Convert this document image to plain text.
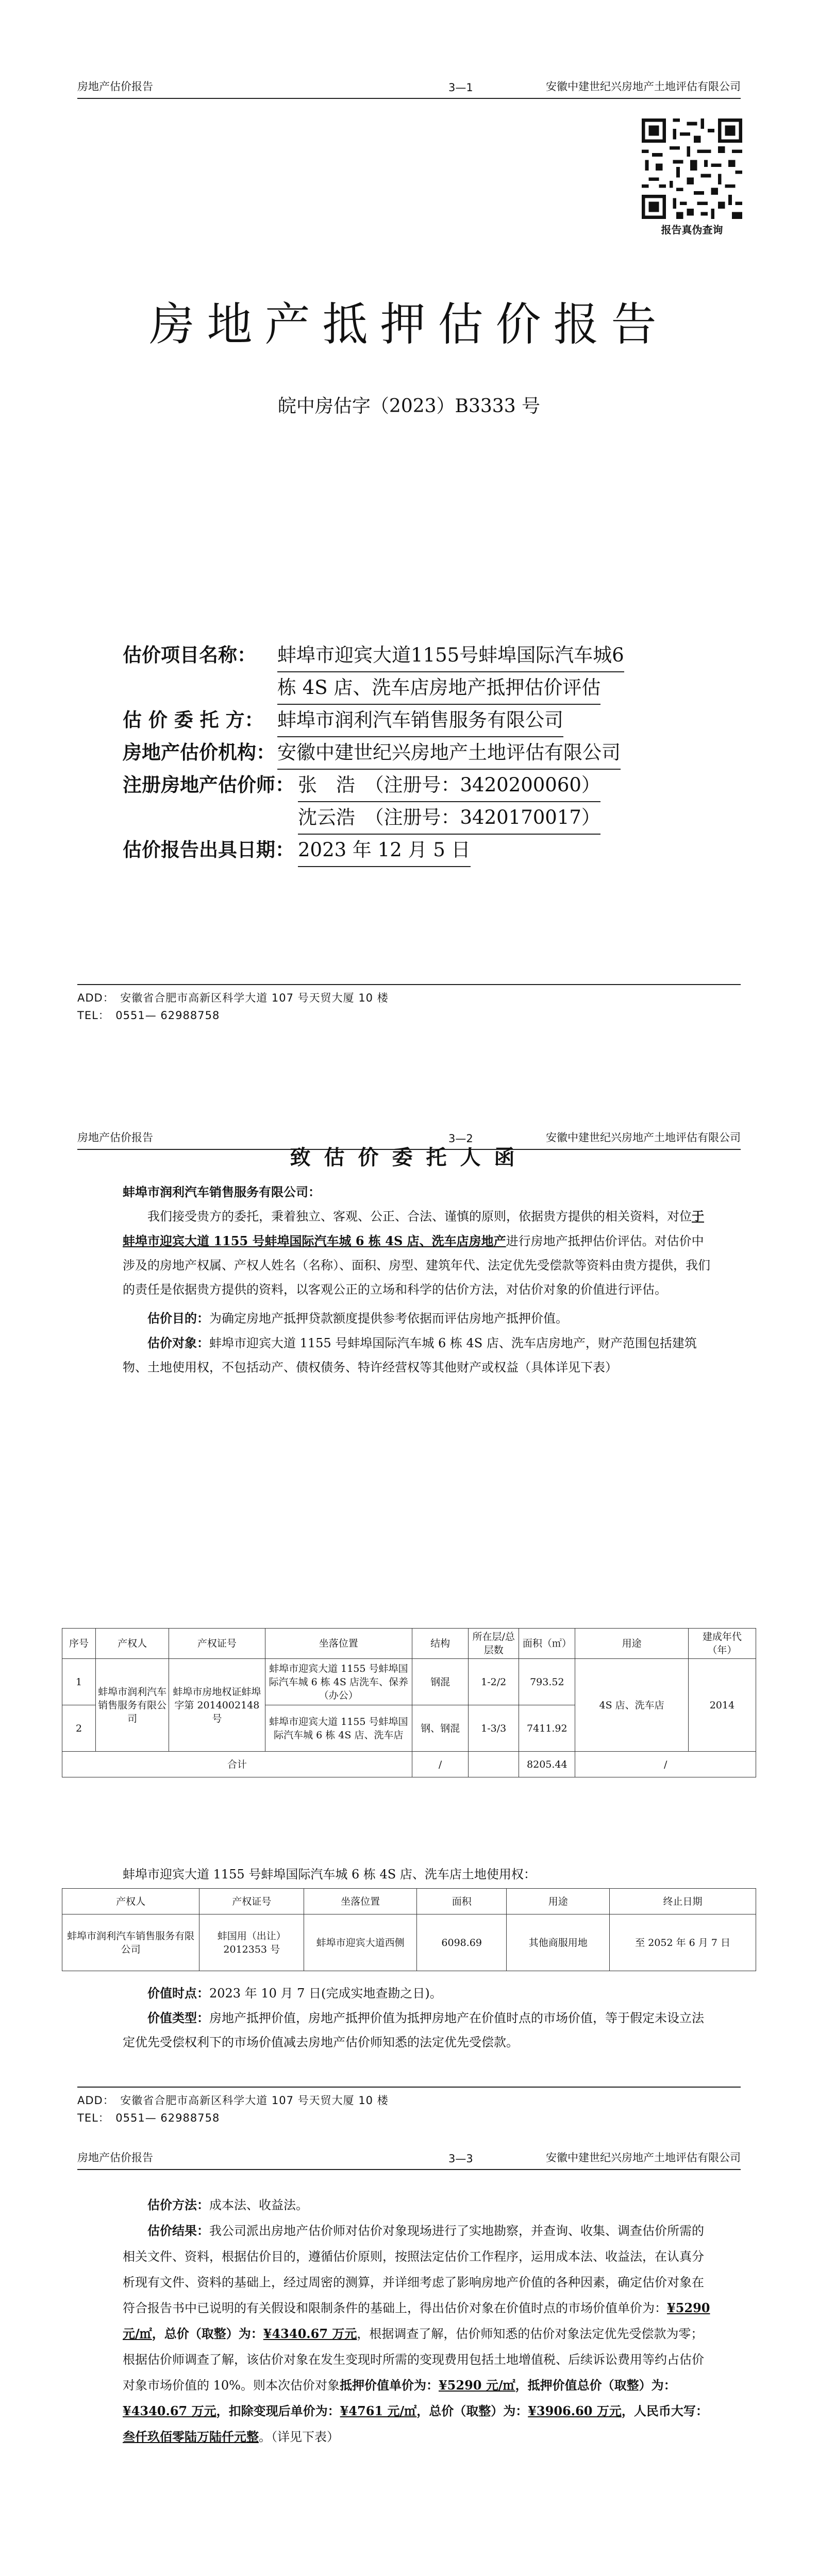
房地产估价报告	3—1	安徽中建世纪兴房地产土地评估有限公司
报告真伪查询
房地产抵押估价报告
皖中房估字（2023）B3333 号
估价项目名称： 蚌埠市迎宾大道1155号蚌埠国际汽车城6
栋 4S 店、洗车店房地产抵押估价评估
估 价 委 托 方： 蚌埠市润利汽车销售服务有限公司
房地产估价机构： 安徽中建世纪兴房地产土地评估有限公司
注册房地产估价师： 张　浩　（注册号：3420200060）
沈云浩　（注册号：3420170017）
估价报告出具日期： 2023 年 12 月 5 日
ADD：　安徽省合肥市高新区科学大道 107 号天贸大厦 10 楼
TEL：　0551— 62988758
房地产估价报告	3—2	安徽中建世纪兴房地产土地评估有限公司
致估价委托人函

蚌埠市润利汽车销售服务有限公司：

我们接受贵方的委托，秉着独立、客观、公正、合法、谨慎的原则，依据贵方提供的相关资料，对位于蚌埠市迎宾大道 1155 号蚌埠国际汽车城 6 栋 4S 店、洗车店房地产进行房地产抵押估价评估。对估价中涉及的房地产权属、产权人姓名（名称）、面积、房型、建筑年代、法定优先受偿款等资料由贵方提供，我们的责任是依据贵方提供的资料，以客观公正的立场和科学的估价方法，对估价对象的价值进行评估。

估价目的：为确定房地产抵押贷款额度提供参考依据而评估房地产抵押价值。

估价对象：蚌埠市迎宾大道 1155 号蚌埠国际汽车城 6 栋 4S 店、洗车店房地产，财产范围包括建筑物、土地使用权，不包括动产、债权债务、特许经营权等其他财产或权益（具体详见下表）

序号	产权人	产权证号	坐落位置	结构	所在层/总层数	面积（㎡）	用途	建成年代（年）
1	蚌埠市润利汽车销售服务有限公司	蚌埠市房地权证蚌埠字第 2014002148 号	蚌埠市迎宾大道 1155 号蚌埠国际汽车城 6 栋 4S 店洗车、保养（办公）	钢混	1-2/2	793.52	4S 店、洗车店	2014
2			蚌埠市迎宾大道 1155 号蚌埠国际汽车城 6 栋 4S 店、洗车店	钢、钢混	1-3/3	7411.92		
合计				/		8205.44	/	
蚌埠市迎宾大道 1155 号蚌埠国际汽车城 6 栋 4S 店、洗车店土地使用权：
产权人	产权证号	坐落位置	面积	用途	终止日期
蚌埠市润利汽车销售服务有限公司	蚌国用（出让）2012353 号	蚌埠市迎宾大道西侧	6098.69	其他商服用地	至 2052 年 6 月 7 日

价值时点：2023 年 10 月 7 日(完成实地查勘之日)。

价值类型：房地产抵押价值，房地产抵押价值为抵押房地产在价值时点的市场价值，等于假定未设立法定优先受偿权利下的市场价值减去房地产估价师知悉的法定优先受偿款。

ADD：　安徽省合肥市高新区科学大道 107 号天贸大厦 10 楼
TEL：　0551— 62988758
房地产估价报告	3—3	安徽中建世纪兴房地产土地评估有限公司

估价方法：成本法、收益法。

估价结果：我公司派出房地产估价师对估价对象现场进行了实地勘察，并查询、收集、调查估价所需的相关文件、资料，根据估价目的，遵循估价原则，按照法定估价工作程序，运用成本法、收益法，在认真分析现有文件、资料的基础上，经过周密的测算，并详细考虑了影响房地产价值的各种因素，确定估价对象在符合报告书中已说明的有关假设和限制条件的基础上，得出估价对象在价值时点的市场价值单价为：¥5290 元/㎡，总价（取整）为：¥4340.67 万元，根据调查了解，估价师知悉的估价对象法定优先受偿款为零；根据估价师调查了解，该估价对象在发生变现时所需的变现费用包括土地增值税、后续诉讼费用等约占估价对象市场价值的 10%。则本次估价对象抵押价值单价为：¥5290 元/㎡，抵押价值总价（取整）为：¥4340.67 万元，扣除变现后单价为：¥4761 元/㎡，总价（取整）为：¥3906.60 万元，人民币大写：叁仟玖佰零陆万陆仟元整。（详见下表）
